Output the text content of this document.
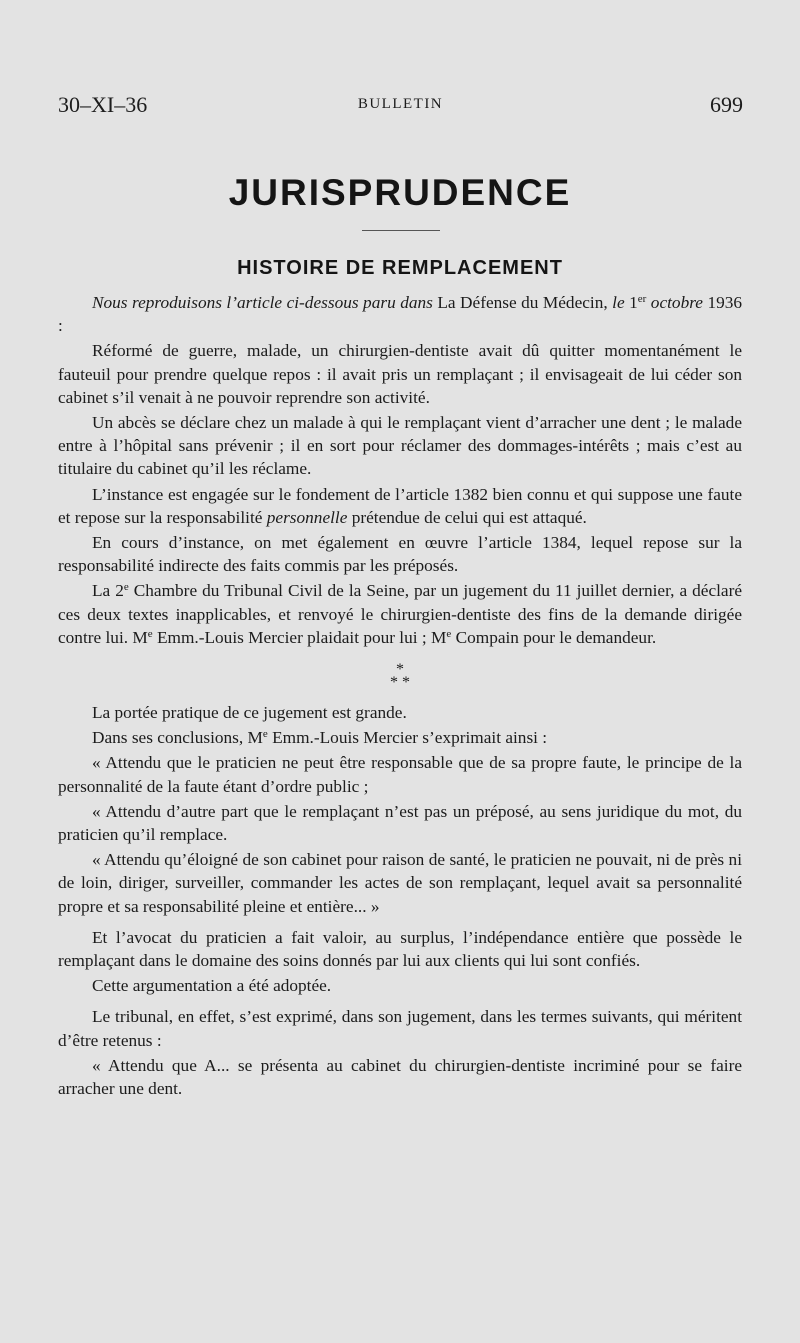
30–XI–36	BULLETIN	699
JURISPRUDENCE
HISTOIRE DE REMPLACEMENT

Nous reproduisons l’article ci-dessous paru dans La Défense du Médecin, le 1er octobre 1936 :

Réformé de guerre, malade, un chirurgien-dentiste avait dû quitter momentanément le fauteuil pour prendre quelque repos : il avait pris un remplaçant ; il envisageait de lui céder son cabinet s’il venait à ne pouvoir reprendre son activité.

Un abcès se déclare chez un malade à qui le remplaçant vient d’arracher une dent ; le malade entre à l’hôpital sans prévenir ; il en sort pour réclamer des dommages-intérêts ; mais c’est au titulaire du cabinet qu’il les réclame.

L’instance est engagée sur le fondement de l’article 1382 bien connu et qui suppose une faute et repose sur la responsabilité personnelle prétendue de celui qui est attaqué.

En cours d’instance, on met également en œuvre l’article 1384, lequel repose sur la responsabilité indirecte des faits commis par les préposés.

La 2e Chambre du Tribunal Civil de la Seine, par un jugement du 11 juillet dernier, a déclaré ces deux textes inapplicables, et renvoyé le chirurgien-dentiste des fins de la demande dirigée contre lui. Me Emm.-Louis Mercier plaidait pour lui ; Me Compain pour le demandeur.

*
* *

La portée pratique de ce jugement est grande.

Dans ses conclusions, Me Emm.-Louis Mercier s’exprimait ainsi :

« Attendu que le praticien ne peut être responsable que de sa propre faute, le principe de la personnalité de la faute étant d’ordre public ;

« Attendu d’autre part que le remplaçant n’est pas un préposé, au sens juridique du mot, du praticien qu’il remplace.

« Attendu qu’éloigné de son cabinet pour raison de santé, le praticien ne pouvait, ni de près ni de loin, diriger, surveiller, commander les actes de son remplaçant, lequel avait sa personnalité propre et sa responsabilité pleine et entière... »

Et l’avocat du praticien a fait valoir, au surplus, l’indépendance entière que possède le remplaçant dans le domaine des soins donnés par lui aux clients qui lui sont confiés.

Cette argumentation a été adoptée.

Le tribunal, en effet, s’est exprimé, dans son jugement, dans les termes suivants, qui méritent d’être retenus :

« Attendu que A... se présenta au cabinet du chirurgien-dentiste incriminé pour se faire arracher une dent.
